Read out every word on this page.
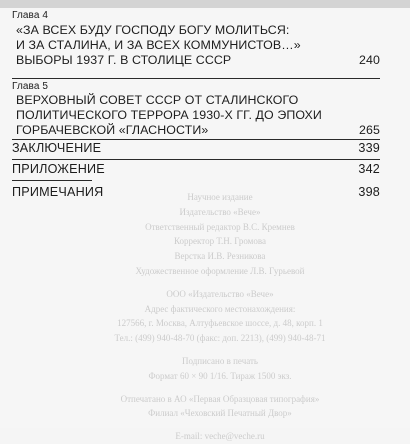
Научное издание
Издательство «Вече»
Ответственный редактор В.С. Кремнев
Корректор Т.Н. Громова
Верстка И.В. Резникова
Художественное оформление Л.В. Гурьевой
ООО «Издательство «Вече»
Адрес фактического местонахождения:
127566, г. Москва, Алтуфьевское шоссе, д. 48, корп. 1
Тел.: (499) 940-48-70 (факс: доп. 2213), (499) 940-48-71
Подписано в печать
Формат 60 × 90 1/16. Тираж 1500 экз.
Отпечатано в АО «Первая Образцовая типография»
Филиал «Чеховский Печатный Двор»
E-mail: veche@veche.ru
Глава 4
«ЗА ВСЕХ БУДУ ГОСПОДУ БОГУ МОЛИТЬСЯ:
И ЗА СТАЛИНА, И ЗА ВСЕХ КОММУНИСТОВ…»
ВЫБОРЫ 1937 Г. В СТОЛИЦЕ СССР	240
Глава 5
ВЕРХОВНЫЙ СОВЕТ СССР ОТ СТАЛИНСКОГО
ПОЛИТИЧЕСКОГО ТЕРРОРА 1930-Х ГГ. ДО ЭПОХИ
ГОРБАЧЕВСКОЙ «ГЛАСНОСТИ»	265
ЗАКЛЮЧЕНИЕ	339
ПРИЛОЖЕНИЕ	342
ПРИМЕЧАНИЯ	398
